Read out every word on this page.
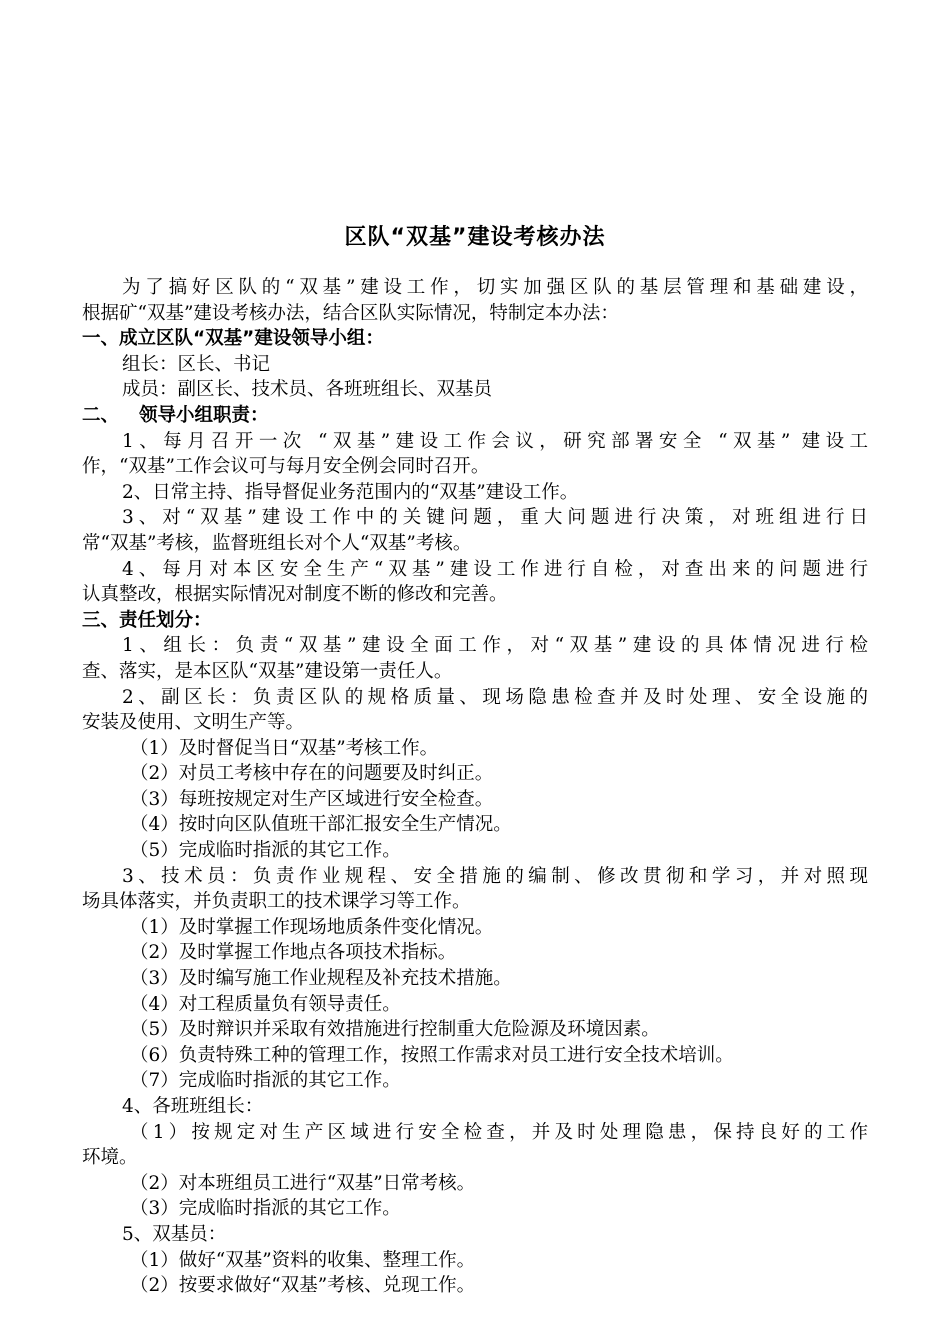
区队“双基”建设考核办法

为了搞好区队的“双基”建设工作，切实加强区队的基层管理和基础建设，

根据矿“双基”建设考核办法，结合区队实际情况，特制定本办法：

一、成立区队“双基”建设领导小组：

组长：区长、书记

成员：副区长、技术员、各班班组长、双基员

二、 领导小组职责：

1、每月召开一次 “双基”建设工作会议，研究部署安全 “双基” 建设工

作，“双基”工作会议可与每月安全例会同时召开。

2、日常主持、指导督促业务范围内的“双基”建设工作。

3、对“双基”建设工作中的关键问题，重大问题进行决策，对班组进行日

常“双基”考核，监督班组长对个人“双基”考核。

4、每月对本区安全生产“双基”建设工作进行自检，对查出来的问题进行

认真整改，根据实际情况对制度不断的修改和完善。

三、责任划分：

1、组长：负责“双基”建设全面工作，对“双基”建设的具体情况进行检

查、落实，是本区队“双基”建设第一责任人。

2、副区长：负责区队的规格质量、现场隐患检查并及时处理、安全设施的

安装及使用、文明生产等。

（1）及时督促当日“双基”考核工作。

（2）对员工考核中存在的问题要及时纠正。

（3）每班按规定对生产区域进行安全检查。

（4）按时向区队值班干部汇报安全生产情况。

（5）完成临时指派的其它工作。

3、技术员：负责作业规程、安全措施的编制、修改贯彻和学习，并对照现

场具体落实，并负责职工的技术课学习等工作。

（1）及时掌握工作现场地质条件变化情况。

（2）及时掌握工作地点各项技术指标。

（3）及时编写施工作业规程及补充技术措施。

（4）对工程质量负有领导责任。

（5）及时辩识并采取有效措施进行控制重大危险源及环境因素。

（6）负责特殊工种的管理工作，按照工作需求对员工进行安全技术培训。

（7）完成临时指派的其它工作。

4、各班班组长：

（1）按规定对生产区域进行安全检查，并及时处理隐患，保持良好的工作

环境。

（2）对本班组员工进行“双基”日常考核。

（3）完成临时指派的其它工作。

5、双基员：

（1）做好“双基”资料的收集、整理工作。

（2）按要求做好“双基”考核、兑现工作。
